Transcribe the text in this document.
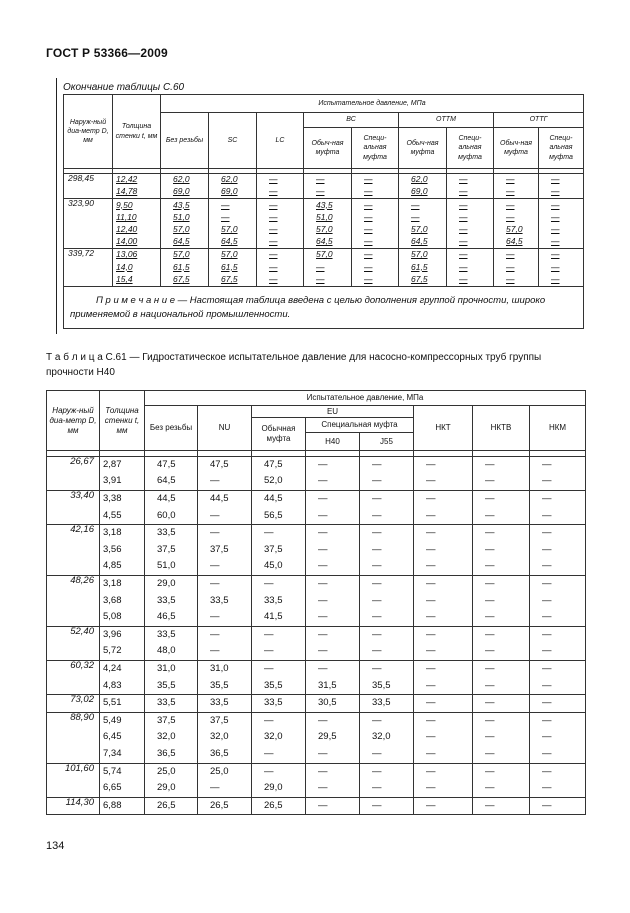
ГОСТ Р 53366—2009
Окончание таблицы С.60
Наруж-ный диа-метр D, мм	Толщина стенки t, мм	Испытательное давление, МПа								
		Без резьбы	SC	LC	ВС		ОТТМ		ОТТГ	
					Обыч-ная муфта	Специ-альная муфта	Обыч-ная муфта	Специ-альная муфта	Обыч-ная муфта	Специ-альная муфта

298,45	12,42	62,0	62,0	—	—	—	62,0	—	—	—
	14,78	69,0	69,0	—	—	—	69,0	—	—	—
323,90	9,50	43,5	—	—	43,5	—	—	—	—	—
	11,10	51,0	—	—	51,0	—	—	—	—	—
	12,40	57,0	57,0	—	57,0	—	57,0	—	57,0	—
	14,00	64,5	64,5	—	64,5	—	64,5	—	64,5	—
339,72	13,06	57,0	57,0	—	57,0	—	57,0	—	—	—
	14,0	61,5	61,5	—	—	—	61,5	—	—	—
	15,4	67,5	67,5	—	—	—	67,5	—	—	—
П р и м е ч а н и е — Настоящая таблица введена с целью дополнения группой прочности, широко применяемой в национальной промышленности.										
Т а б л и ц а С.61 — Гидростатическое испытательное давление для насосно-компрессорных труб группы прочности Н40
Наруж-ный диа-метр D, мм	Толщина стенки t, мм	Испытательное давление, МПа							
		Без резьбы	NU	EU			НКТ	НКТВ	НКМ
				Обычная муфта	Специальная муфта				
					Н40	J55			

26,67	2,87	47,5	47,5	47,5	—	—	—	—	—
	3,91	64,5	—	52,0	—	—	—	—	—
33,40	3,38	44,5	44,5	44,5	—	—	—	—	—
	4,55	60,0	—	56,5	—	—	—	—	—
42,16	3,18	33,5	—	—	—	—	—	—	—
	3,56	37,5	37,5	37,5	—	—	—	—	—
	4,85	51,0	—	45,0	—	—	—	—	—
48,26	3,18	29,0	—	—	—	—	—	—	—
	3,68	33,5	33,5	33,5	—	—	—	—	—
	5,08	46,5	—	41,5	—	—	—	—	—
52,40	3,96	33,5	—	—	—	—	—	—	—
	5,72	48,0	—	—	—	—	—	—	—
60,32	4,24	31,0	31,0	—	—	—	—	—	—
	4,83	35,5	35,5	35,5	31,5	35,5	—	—	—
73,02	5,51	33,5	33,5	33,5	30,5	33,5	—	—	—
88,90	5,49	37,5	37,5	—	—	—	—	—	—
	6,45	32,0	32,0	32,0	29,5	32,0	—	—	—
	7,34	36,5	36,5	—	—	—	—	—	—
101,60	5,74	25,0	25,0	—	—	—	—	—	—
	6,65	29,0	—	29,0	—	—	—	—	—
114,30	6,88	26,5	26,5	26,5	—	—	—	—	—
134
